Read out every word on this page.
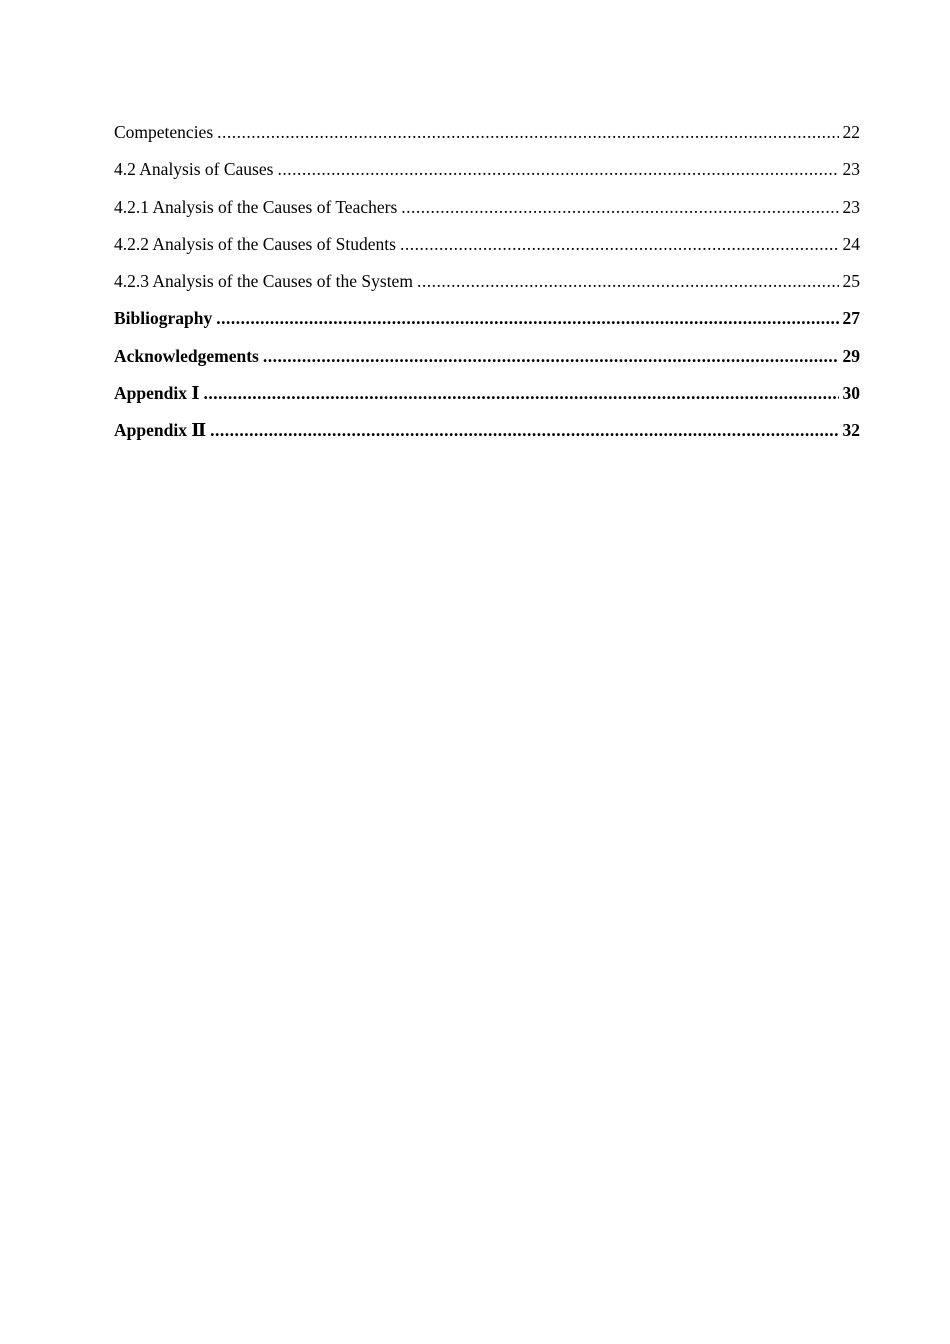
Competencies .....	22
4.2 Analysis of Causes .....	23
4.2.1 Analysis of the Causes of Teachers .....	23
4.2.2 Analysis of the Causes of Students .....	24
4.2.3 Analysis of the Causes of the System .....	25
Bibliography .....	27
Acknowledgements .....	29
Appendix Ⅰ .....	30
Appendix Ⅱ .....	32
